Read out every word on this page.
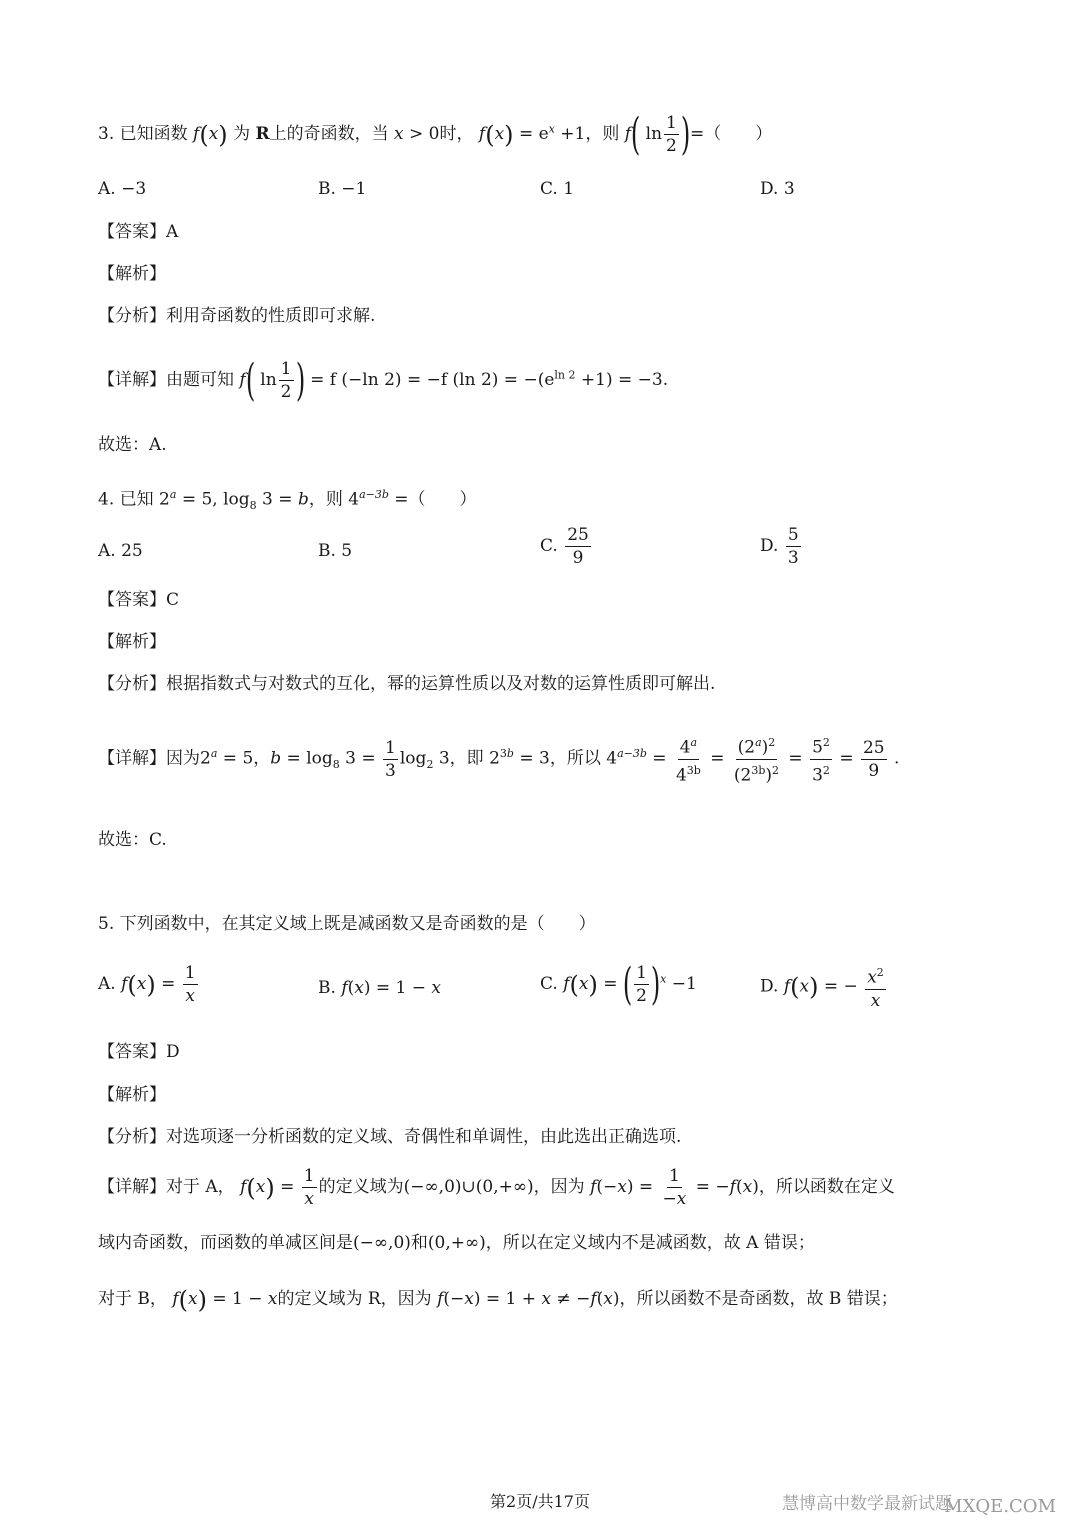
3. 已知函数 f(x) 为 R上的奇函数，当 x > 0时， $f(x) = e^x +1$，则 f( $\ln \frac{1}{2}$ )=（　　）
A. −3	B. −1	C. 1	D. 3
【答案】A
【解析】
【分析】利用奇函数的性质即可求解.
【详解】由题可知 f( $\ln \frac{1}{2}$ ) = f (−ln 2) = −f (ln $2) = -(e^{ln 2} +1) = -3$.
故选：A.
4. 已知 $2^a = 5$, $\log_8 3 = b$，则 $4^{a-3b}$ =（　　）
A. 25	B. 5	C. $\frac{25}{9}$	D. $\frac{5}{3}$
【答案】C
【解析】
【分析】根据指数式与对数式的互化，幂的运算性质以及对数的运算性质即可解出.
【详解】因为$2^a = 5$，$b = \log_8 3 = \frac{1}{3} \log_2 3$，即 $2^{3b} = 3$，所以 $4^{a-3b} = \frac{4^a}{4^{3b}} = \frac{(2^a)^2}{(2^{3b})^2} = \frac{5^2}{3^2} = \frac{25}{9}$ .
故选：C.
5. 下列函数中，在其定义域上既是减函数又是奇函数的是（　　）
A. $f(x) = \frac{1}{x}$	B. f(x) = 1 − x	C. f(x) = ( $\frac{1}{2} )^x -1$	D. f(x) = − $\frac{x^2}{x}$
【答案】D
【解析】
【分析】对选项逐一分析函数的定义域、奇偶性和单调性，由此选出正确选项.
【详解】对于 A， $f(x) = \frac{1}{x}$ 的定义域为(−∞,0)∪(0,+∞)，因为 $f(-x) = \frac{1}{-x} = -f(x)$，所以函数在定义
域内奇函数，而函数的单减区间是(−∞,0)和(0,+∞)，所以在定义域内不是减函数，故 A 错误；
对于 B， f(x) = 1 − x的定义域为 R，因为 f(−x) = 1 + x ≠ −f(x)，所以函数不是奇函数，故 B 错误；
慧博高中数学最新试题
MXQE.COM
第2页/共17页
